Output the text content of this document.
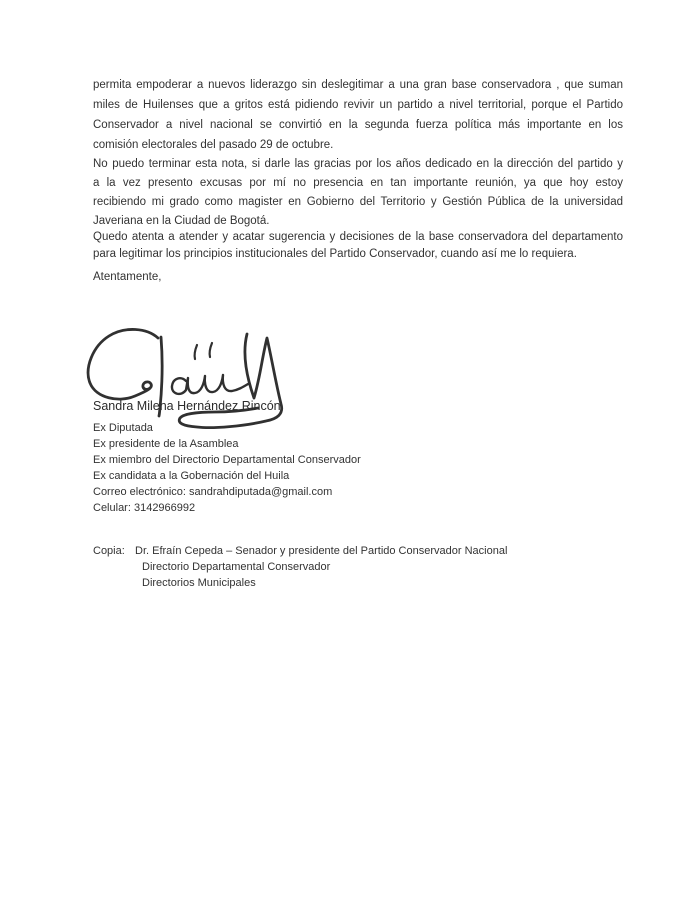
permita empoderar a nuevos liderazgo sin deslegitimar a una gran base conservadora , que suman
miles de Huilenses que a gritos está pidiendo revivir un partido a nivel territorial, porque el Partido
Conservador a nivel nacional se convirtió en la segunda fuerza política más importante en los
comisión electorales del pasado 29 de octubre.
No puedo terminar esta nota, si darle las gracias por los años dedicado en la dirección del partido y
a la vez presento excusas por mí no presencia en tan importante reunión, ya que hoy estoy
recibiendo mi grado como magister en Gobierno del Territorio y Gestión Pública de la universidad
Javeriana en la Ciudad de Bogotá.
Quedo atenta a atender y acatar sugerencia y decisiones de la base conservadora del departamento
para legitimar los principios institucionales del Partido Conservador, cuando así me lo requiera.
Atentamente,
Sandra Milena Hernández Rincón
Ex Diputada
Ex presidente de la Asamblea
Ex miembro del Directorio Departamental Conservador
Ex candidata a la Gobernación del Huila
Correo electrónico: sandrahdiputada@gmail.com
Celular: 3142966992
Copia: Dr. Efraín Cepeda – Senador y presidente del Partido Conservador Nacional
Directorio Departamental Conservador
Directorios Municipales
